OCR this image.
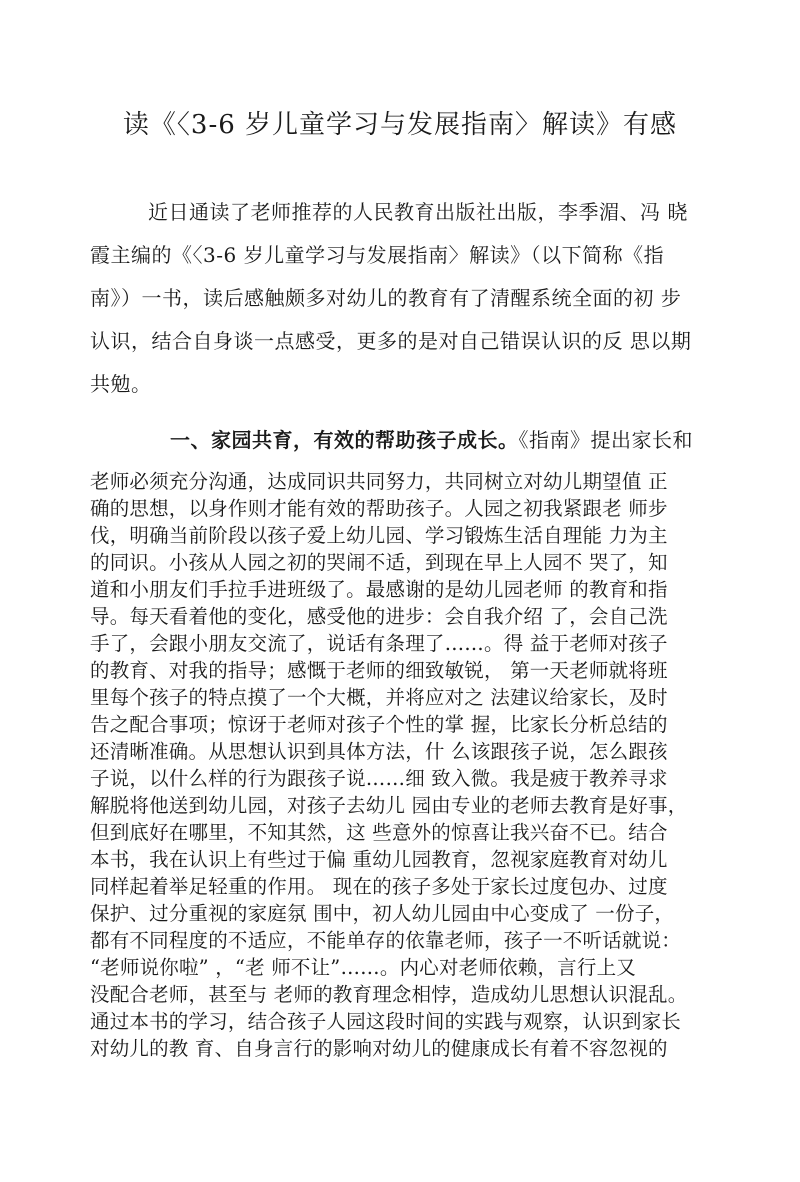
读《〈3-6 岁儿童学习与发展指南〉解读》有感
近日通读了老师推荐的人民教育出版社出版，李季湄、冯 晓
霞主编的《〈3-6 岁儿童学习与发展指南〉解读》（以下简称《指
南》）一书，读后感触颇多对幼儿的教育有了清醒系统全面的初 步
认识，结合自身谈一点感受，更多的是对自己错误认识的反 思以期
共勉。
一、家园共育，有效的帮助孩子成长。《指南》提出家长和
老师必须充分沟通，达成同识共同努力，共同树立对幼儿期望值 正
确的思想，以身作则才能有效的帮助孩子。人园之初我紧跟老 师步
伐，明确当前阶段以孩子爱上幼儿园、学习锻炼生活自理能 力为主
的同识。小孩从人园之初的哭闹不适，到现在早上人园不 哭了，知
道和小朋友们手拉手进班级了。最感谢的是幼儿园老师 的教育和指
导。每天看着他的变化，感受他的进步：会自我介绍 了，会自己洗
手了，会跟小朋友交流了，说话有条理了……。得 益于老师对孩子
的教育、对我的指导；感慨于老师的细致敏锐， 第一天老师就将班
里每个孩子的特点摸了一个大概，并将应对之 法建议给家长，及时
告之配合事项；惊讶于老师对孩子个性的掌 握，比家长分析总结的
还清晰准确。从思想认识到具体方法，什 么该跟孩子说，怎么跟孩
子说，以什么样的行为跟孩子说……细 致入微。我是疲于教养寻求
解脱将他送到幼儿园，对孩子去幼儿 园由专业的老师去教育是好事，
但到底好在哪里，不知其然，这 些意外的惊喜让我兴奋不已。结合
本书，我在认识上有些过于偏 重幼儿园教育，忽视家庭教育对幼儿
同样起着举足轻重的作用。 现在的孩子多处于家长过度包办、过度
保护、过分重视的家庭氛 围中，初人幼儿园由中心变成了 一份子，
都有不同程度的不适应，不能单存的依靠老师，孩子一不听话就说：
“老师说你啦” ，“老 师不让”……。内心对老师依赖，言行上又
没配合老师，甚至与 老师的教育理念相悖，造成幼儿思想认识混乱。
通过本书的学习，结合孩子人园这段时间的实践与观察，认识到家长
对幼儿的教 育、自身言行的影响对幼儿的健康成长有着不容忽视的
